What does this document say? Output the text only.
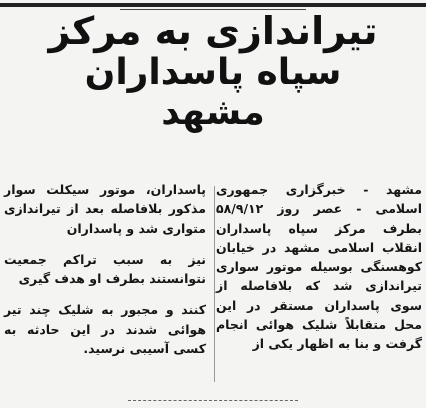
تیراندازی به مرکز
سپاه پاسداران
مشهد

مشهد - خبرگزاری جمهوری اسلامی - عصر روز ۵۸/۹/۱۲ بطرف مرکز سپاه پاسداران انقلاب اسلامی مشهد در خیابان کوهسنگی بوسیله موتور سواری تیراندازی شد که بلافاصله از سوی پاسداران مستقر در این محل متقابلاً شلیک هوائی انجام گرفت و بنا به اظهار یکی از

پاسداران، موتور سیکلت سوار مذکور بلافاصله بعد از تیراندازی متواری شد و پاسداران

نیز به سبب تراکم جمعیت نتوانستند بطرف او هدف گیری

کنند و مجبور به شلیک چند تیر هوائی شدند در این حادثه به کسی آسیبی نرسید.
